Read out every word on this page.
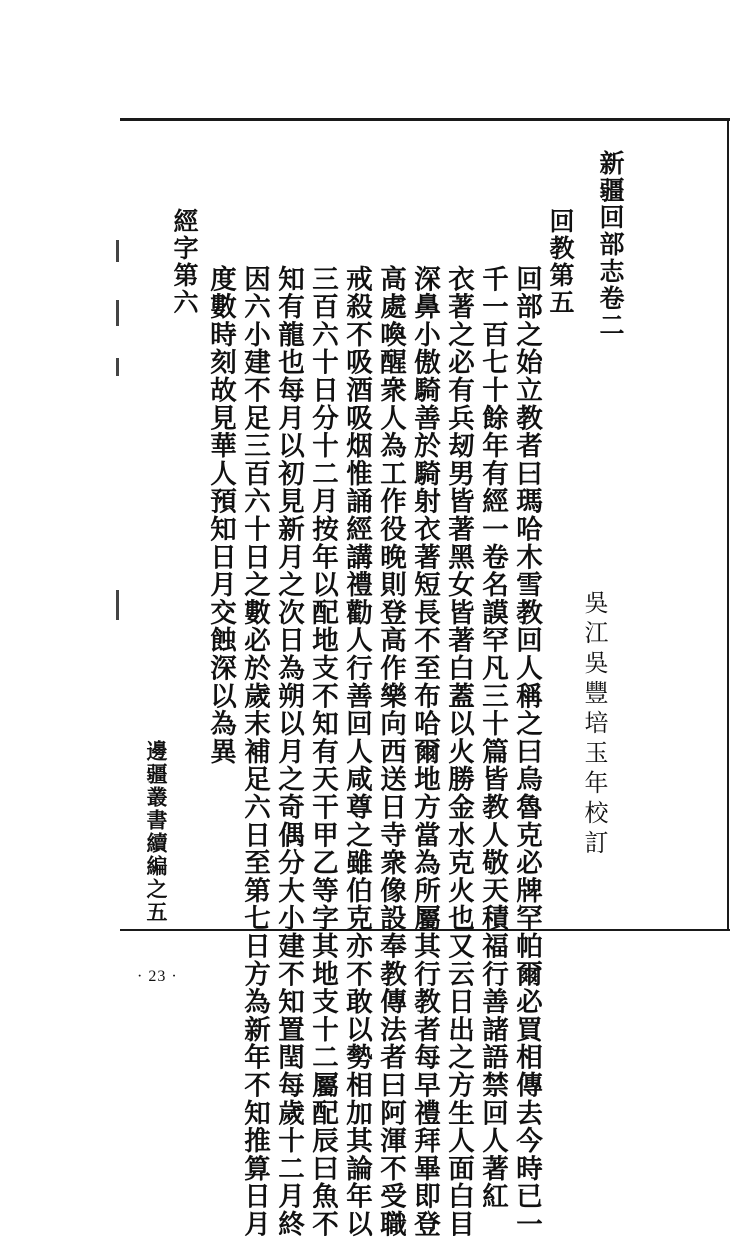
新疆回部志卷二
回教第五
吳江吳豐培玉年校訂
回部之始立教者曰瑪哈木雪教回人稱之曰烏魯克必牌罕帕爾必買相傳去今時已一
千一百七十餘年有經一卷名謨罕凡三十篇皆教人敬天積福行善諸語禁回人著紅
衣著之必有兵刼男皆著黑女皆著白蓋以火勝金水克火也又云日出之方生人面白目
深鼻小傲騎善於騎射衣著短長不至布哈爾地方當為所屬其行教者每早禮拜畢即登
高處喚醒衆人為工作役晚則登高作樂向西送日寺衆像設奉教傳法者曰阿渾不受職
戒殺不吸酒吸烟惟誦經講禮勸人行善回人咸尊之雖伯克亦不敢以勢相加其論年以
三百六十日分十二月按年以配地支不知有天干甲乙等字其地支十二屬配辰曰魚不
知有龍也每月以初見新月之次日為朔以月之奇偶分大小建不知置閏每歲十二月終
因六小建不足三百六十日之數必於歲末補足六日至第七日方為新年不知推算日月
度數時刻故見華人預知日月交蝕深以為異
經字第六
邊疆叢書續編之五
· 23 ·
